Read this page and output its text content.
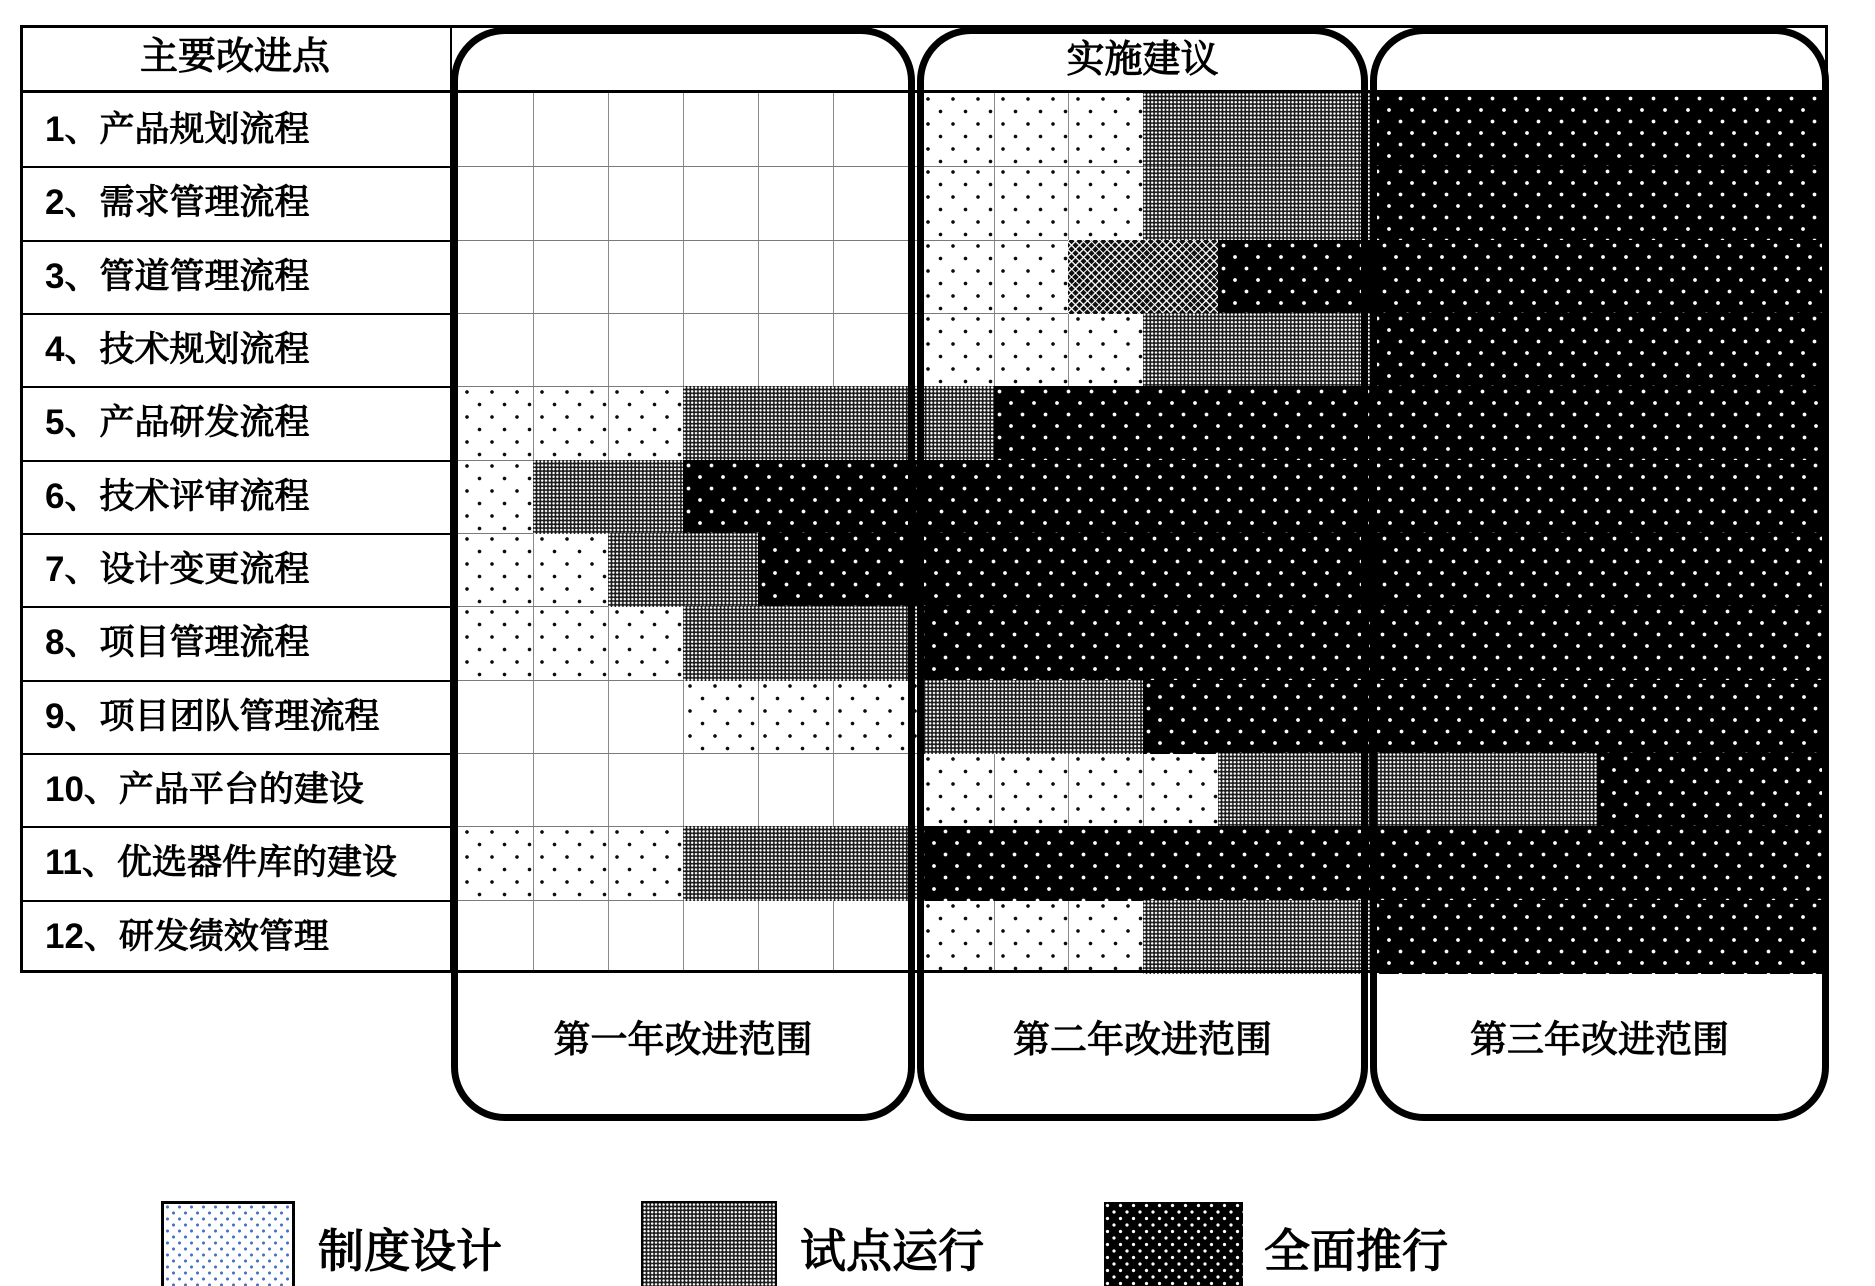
1、产品规划流程
2、需求管理流程
3、管道管理流程
4、技术规划流程
5、产品研发流程
6、技术评审流程
7、设计变更流程
8、项目管理流程
9、项目团队管理流程
10、产品平台的建设
11、优选器件库的建设
12、研发绩效管理
主要改进点	实施建议
第一年改进范围	第二年改进范围	第三年改进范围
制度设计	试点运行	全面推行
